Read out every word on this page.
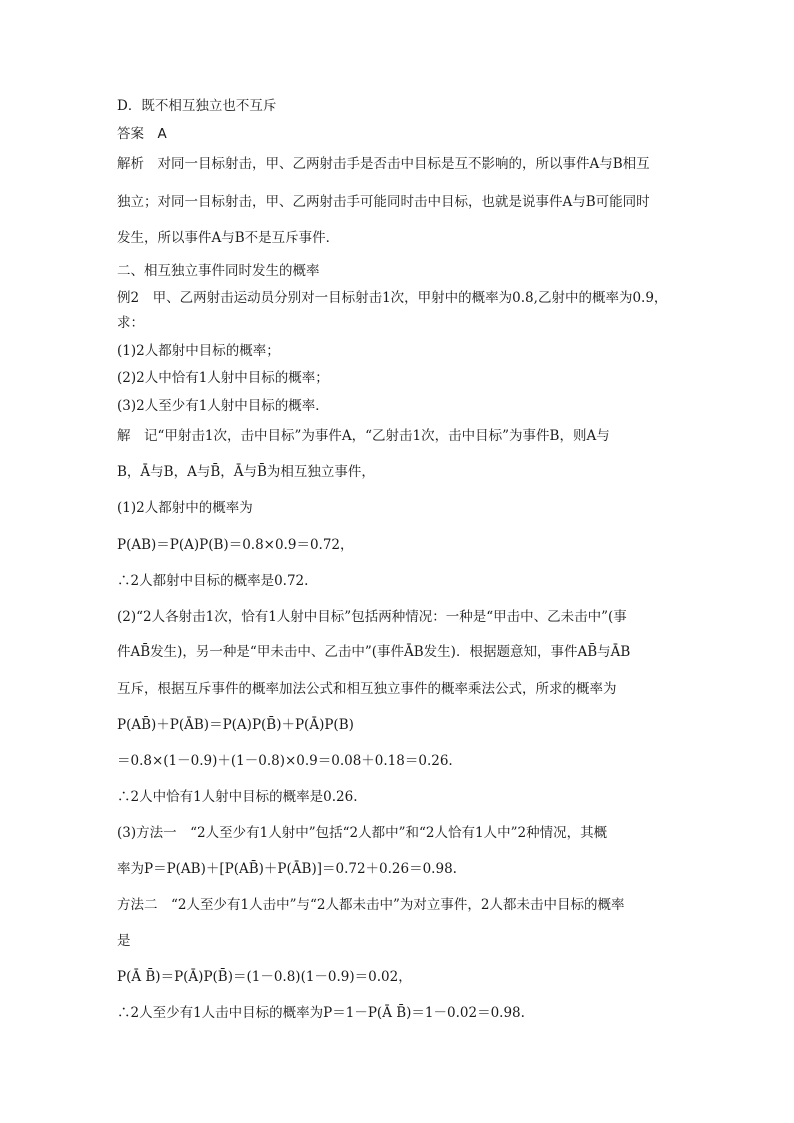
D．既不相互独立也不互斥
答案　A
解析　对同一目标射击，甲、乙两射击手是否击中目标是互不影响的，所以事件A与B相互
独立；对同一目标射击，甲、乙两射击手可能同时击中目标，也就是说事件A与B可能同时
发生，所以事件A与B不是互斥事件．
二、相互独立事件同时发生的概率
例2　甲、乙两射击运动员分别对一目标射击1次，甲射中的概率为0.8,乙射中的概率为0.9，
求：
(1)2人都射中目标的概率；
(2)2人中恰有1人射中目标的概率；
(3)2人至少有1人射中目标的概率．
解　记“甲射击1次，击中目标”为事件A，“乙射击1次，击中目标”为事件B，则A与
B，Ā与B，A与B̄，Ā与B̄为相互独立事件，
(1)2人都射中的概率为
P(AB)＝P(A)P(B)＝0.8×0.9＝0.72，
∴2人都射中目标的概率是0.72.
(2)“2人各射击1次，恰有1人射中目标”包括两种情况：一种是“甲击中、乙未击中”(事
件AB̄发生)，另一种是“甲未击中、乙击中”(事件ĀB发生)．根据题意知，事件AB̄与ĀB
互斥，根据互斥事件的概率加法公式和相互独立事件的概率乘法公式，所求的概率为
P(AB̄)＋P(ĀB)＝P(A)P(B̄)＋P(Ā)P(B)
＝0.8×(1－0.9)＋(1－0.8)×0.9＝0.08＋0.18＝0.26.
∴2人中恰有1人射中目标的概率是0.26.
(3)方法一　“2人至少有1人射中”包括“2人都中”和“2人恰有1人中”2种情况，其概
率为P＝P(AB)＋[P(AB̄)＋P(ĀB)]＝0.72＋0.26＝0.98.
方法二　“2人至少有1人击中”与“2人都未击中”为对立事件，2人都未击中目标的概率
是
P(Ā B̄)＝P(Ā)P(B̄)＝(1－0.8)(1－0.9)＝0.02，
∴2人至少有1人击中目标的概率为P＝1－P(Ā B̄)＝1－0.02＝0.98.
